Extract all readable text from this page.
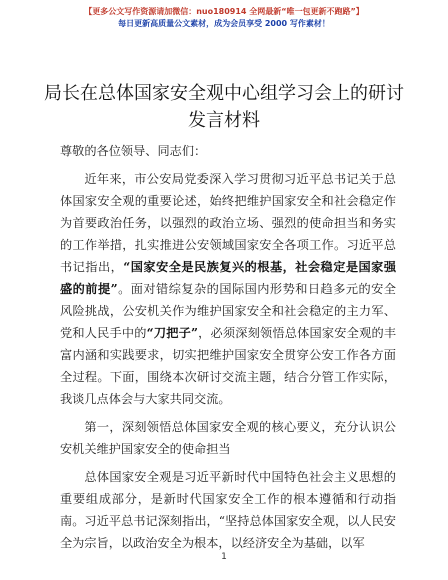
【更多公文写作资源请加微信：nuo180914 全网最新“唯一包更新不跑路”】
每日更新高质量公文素材，成为会员享受 2000 写作素材！
局长在总体国家安全观中心组学习会上的研讨发言材料

尊敬的各位领导、同志们：

近年来，市公安局党委深入学习贯彻习近平总书记关于总体国家安全观的重要论述，始终把维护国家安全和社会稳定作为首要政治任务，以强烈的政治立场、强烈的使命担当和务实的工作举措，扎实推进公安领域国家安全各项工作。习近平总书记指出，“国家安全是民族复兴的根基，社会稳定是国家强盛的前提”。面对错综复杂的国际国内形势和日趋多元的安全风险挑战，公安机关作为维护国家安全和社会稳定的主力军、党和人民手中的“刀把子”，必须深刻领悟总体国家安全观的丰富内涵和实践要求，切实把维护国家安全贯穿公安工作各方面全过程。下面，围绕本次研讨交流主题，结合分管工作实际，我谈几点体会与大家共同交流。

第一，深刻领悟总体国家安全观的核心要义，充分认识公安机关维护国家安全的使命担当

总体国家安全观是习近平新时代中国特色社会主义思想的重要组成部分，是新时代国家安全工作的根本遵循和行动指南。习近平总书记深刻指出，“坚持总体国家安全观，以人民安全为宗旨，以政治安全为根本，以经济安全为基础，以军

1
